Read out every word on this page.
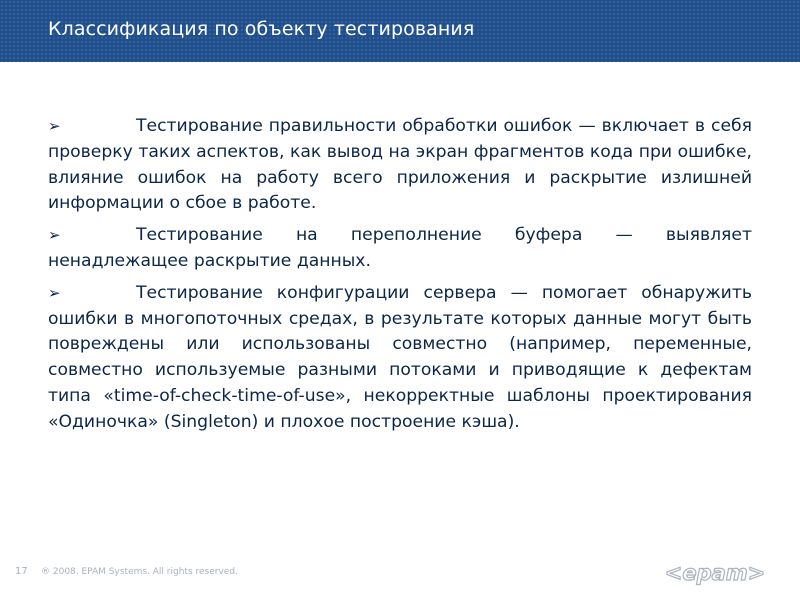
Классификация по объекту тестирования
➢	Тестирование правильности обработки ошибок — включает в себя проверку таких аспектов, как вывод на экран фрагментов кода при ошибке, влияние ошибок на работу всего приложения и раскрытие излишней информации о сбое в работе.
➢	Тестирование на переполнение буфера — выявляет ненадлежащее раскрытие данных.
➢	Тестирование конфигурации сервера — помогает обнаружить ошибки в многопоточных средах, в результате которых данные могут быть повреждены или использованы совместно (например, переменные, совместно используемые разными потоками и приводящие к дефектам типа «time-of-check-time-of-use», некорректные шаблоны проектирования «Одиночка» (Singleton) и плохое построение кэша).
17 ® 2008. EPAM Systems. All rights reserved.	<epam>
